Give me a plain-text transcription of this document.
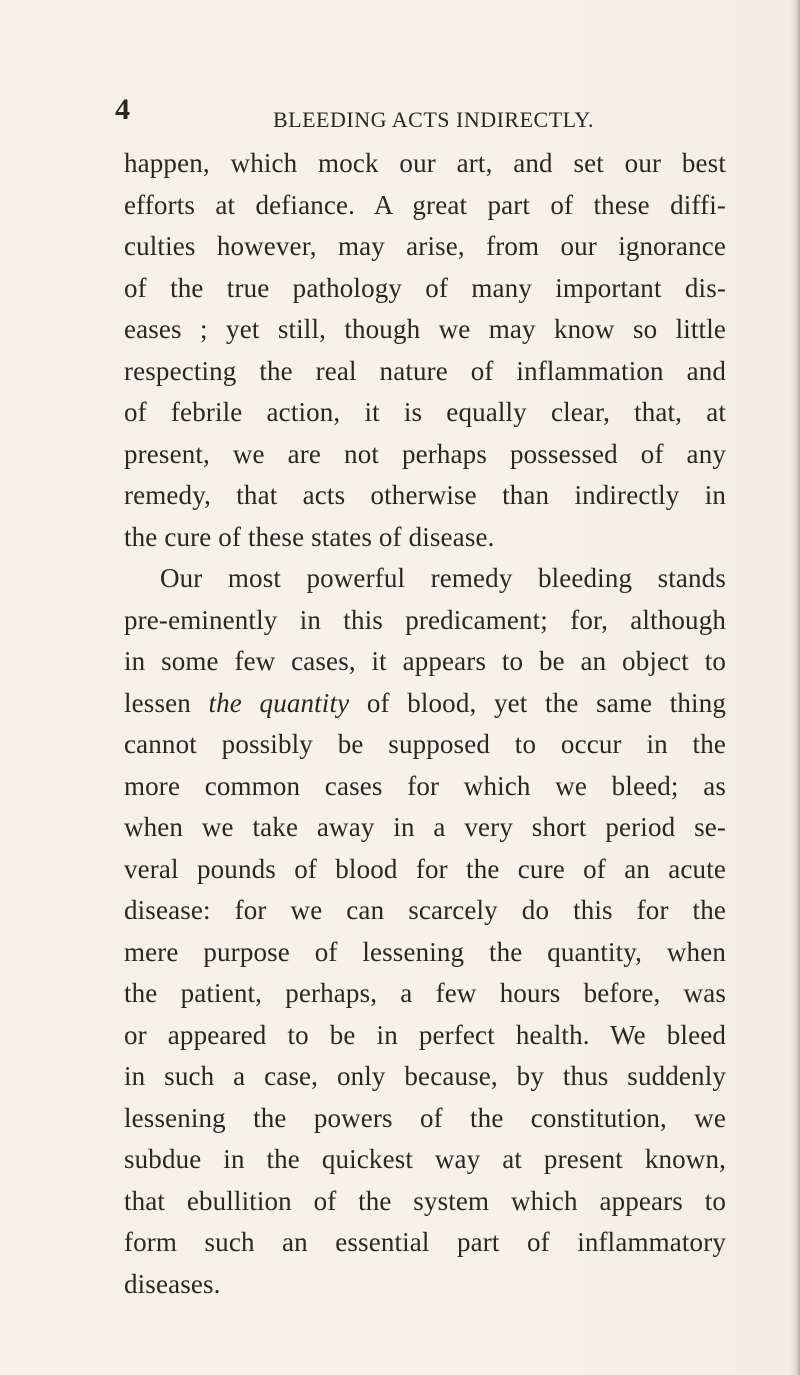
4	BLEEDING ACTS INDIRECTLY.
happen, which mock our art, and set our best
efforts at defiance. A great part of these diffi-
culties however, may arise, from our ignorance
of the true pathology of many important dis-
eases ; yet still, though we may know so little
respecting the real nature of inflammation and
of febrile action, it is equally clear, that, at
present, we are not perhaps possessed of any
remedy, that acts otherwise than indirectly in
the cure of these states of disease.
Our most powerful remedy bleeding stands
pre-eminently in this predicament; for, although
in some few cases, it appears to be an object to
lessen the quantity of blood, yet the same thing
cannot possibly be supposed to occur in the
more common cases for which we bleed; as
when we take away in a very short period se-
veral pounds of blood for the cure of an acute
disease: for we can scarcely do this for the
mere purpose of lessening the quantity, when
the patient, perhaps, a few hours before, was
or appeared to be in perfect health. We bleed
in such a case, only because, by thus suddenly
lessening the powers of the constitution, we
subdue in the quickest way at present known,
that ebullition of the system which appears to
form such an essential part of inflammatory
diseases.
